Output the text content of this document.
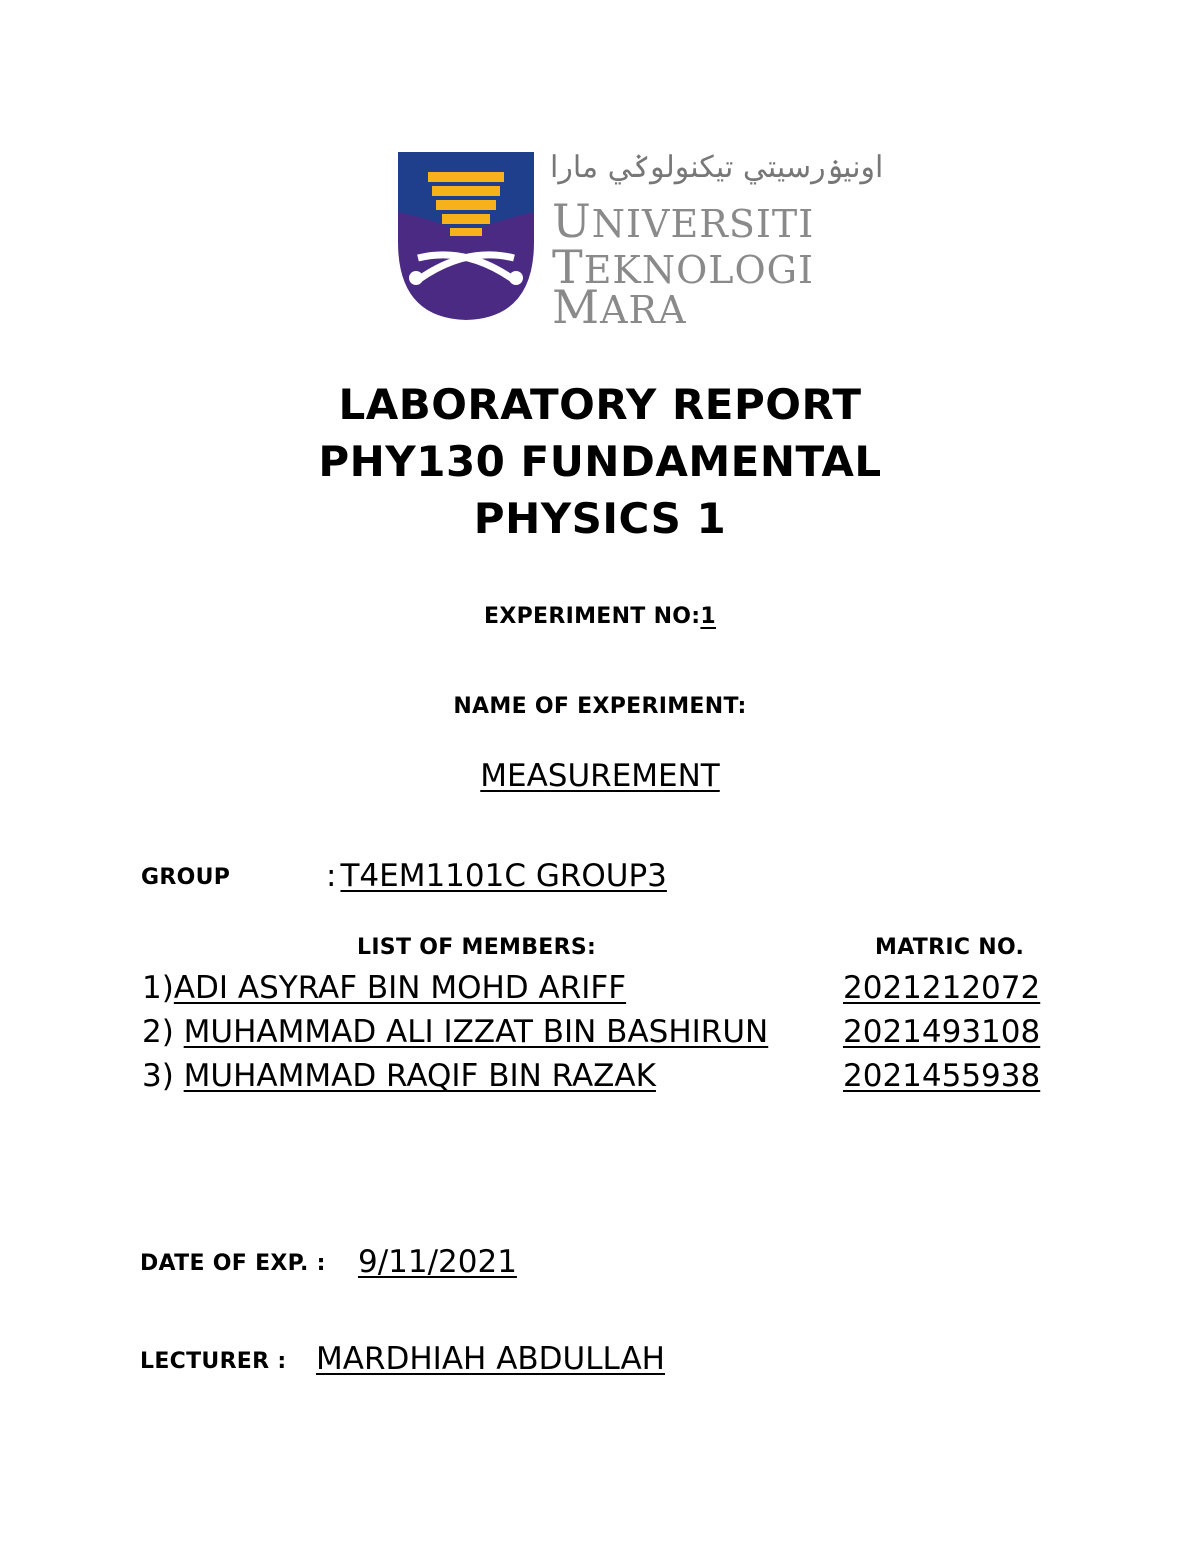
اونيۏرسيتي تيكنولوݢي مارا
UNIVERSITI
TEKNOLOGI
MARA
LABORATORY REPORT
PHY130 FUNDAMENTAL
PHYSICS 1
EXPERIMENT NO:1
NAME OF EXPERIMENT:
MEASUREMENT
GROUP	: T4EM1101C GROUP3
LIST OF MEMBERS:	MATRIC NO.
1)ADI ASYRAF BIN MOHD ARIFF	2021212072
2) MUHAMMAD ALI IZZAT BIN BASHIRUN 2021493108
3) MUHAMMAD RAQIF BIN RAZAK	2021455938
DATE OF EXP. : 9/11/2021
LECTURER : MARDHIAH ABDULLAH
